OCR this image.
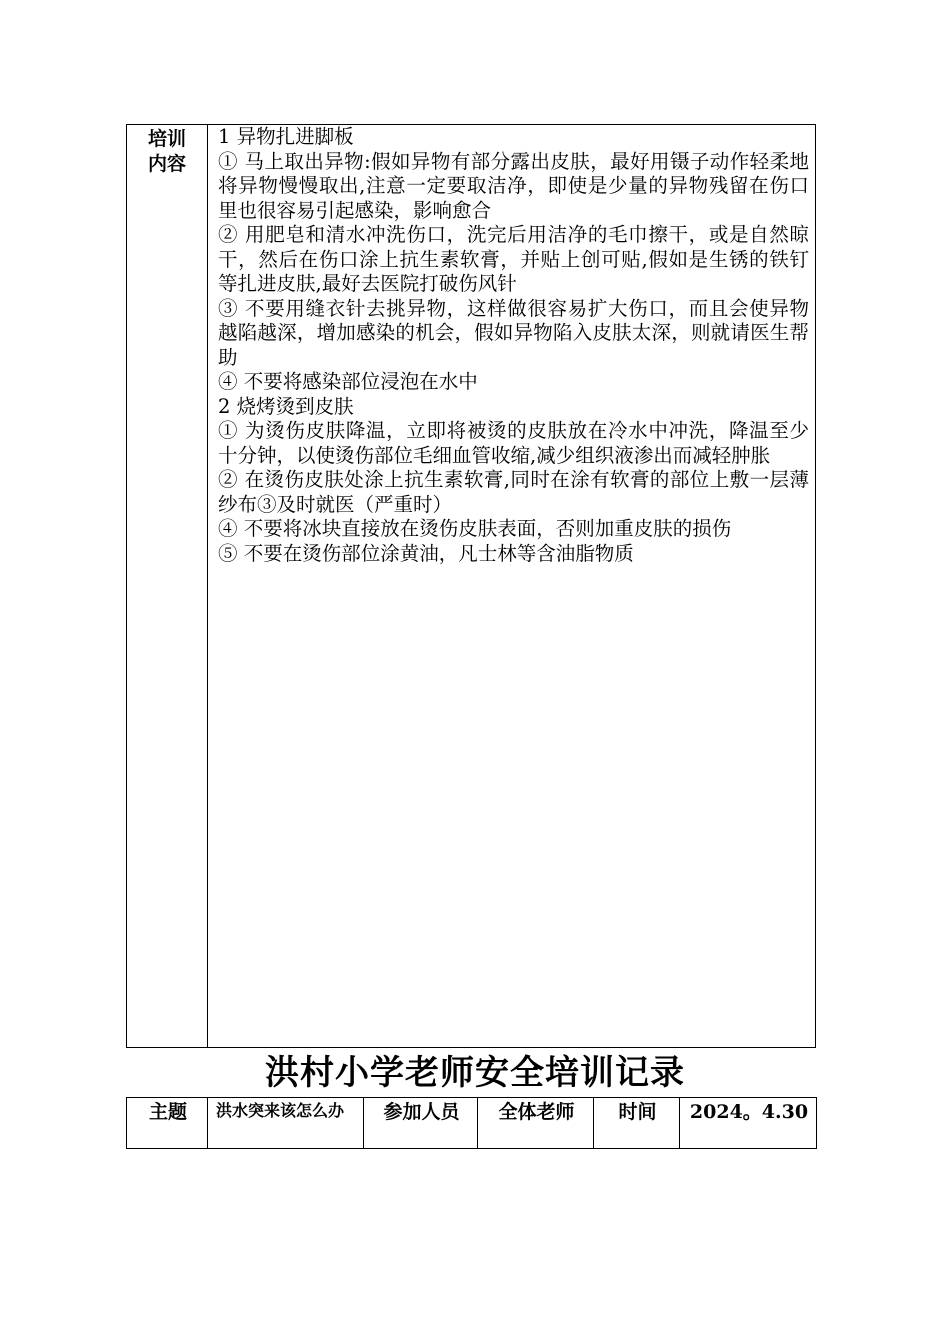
培训
内容

1 异物扎进脚板

① 马上取出异物:假如异物有部分露出皮肤，最好用镊子动作轻柔地将异物慢慢取出,注意一定要取洁净，即使是少量的异物残留在伤口里也很容易引起感染，影响愈合

② 用肥皂和清水冲洗伤口，洗完后用洁净的毛巾擦干，或是自然晾干，然后在伤口涂上抗生素软膏，并贴上创可贴,假如是生锈的铁钉等扎进皮肤,最好去医院打破伤风针

③ 不要用缝衣针去挑异物，这样做很容易扩大伤口，而且会使异物越陷越深，增加感染的机会，假如异物陷入皮肤太深，则就请医生帮助

④ 不要将感染部位浸泡在水中

2 烧烤烫到皮肤

① 为烫伤皮肤降温，立即将被烫的皮肤放在冷水中冲洗，降温至少十分钟，以使烫伤部位毛细血管收缩,减少组织液渗出而减轻肿胀

② 在烫伤皮肤处涂上抗生素软膏,同时在涂有软膏的部位上敷一层薄纱布③及时就医（严重时）

④ 不要将冰块直接放在烫伤皮肤表面，否则加重皮肤的损伤

⑤ 不要在烫伤部位涂黄油，凡士林等含油脂物质

洪村小学老师安全培训记录
主题	洪水突来该怎么办	参加人员	全体老师	时间	2024。4.30
